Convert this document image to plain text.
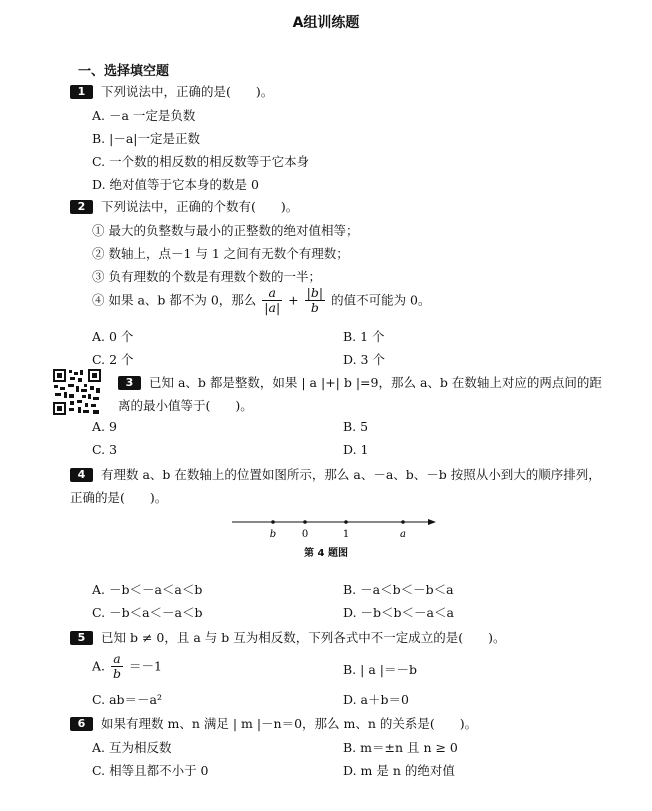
A组训练题
一、选择填空题
1 下列说法中，正确的是(　　)。
A. －a 一定是负数
B. |－a|一定是正数
C. 一个数的相反数的相反数等于它本身
D. 绝对值等于它本身的数是 0
2 下列说法中，正确的个数有(　　)。
① 最大的负整数与最小的正整数的绝对值相等；
② 数轴上，点－1 与 1 之间有无数个有理数；
③ 负有理数的个数是有理数个数的一半；
④ 如果 a、b 都不为 0，那么 $\frac{a}{|a|} + \frac{|b|}{b}$ 的值不可能为 0。
A. 0 个	B. 1 个
C. 2 个	D. 3 个
3 已知 a、b 都是整数，如果 | a |+| b |=9，那么 a、b 在数轴上对应的两点间的距
离的最小值等于(　　)。
A. 9	B. 5
C. 3	D. 1
4 有理数 a、b 在数轴上的位置如图所示，那么 a、－a、b、－b 按照从小到大的顺序排列，
正确的是(　　)。
b	0	1	a
第 4 题图
A. －b＜－a＜a＜b	B. －a＜b＜－b＜a
C. －b＜a＜－a＜b	D. －b＜b＜－a＜a
5 已知 b ≠ 0，且 a 与 b 互为相反数，下列各式中不一定成立的是(　　)。
A. $\frac{a}{b} =-1$	B. | a |＝－b
C. ab＝－a²	D. a＋b＝0
6 如果有理数 m、n 满足 | m |－n＝0，那么 m、n 的关系是(　　)。
A. 互为相反数	B. m＝±n 且 n ≥ 0
C. 相等且都不小于 0	D. m 是 n 的绝对值
